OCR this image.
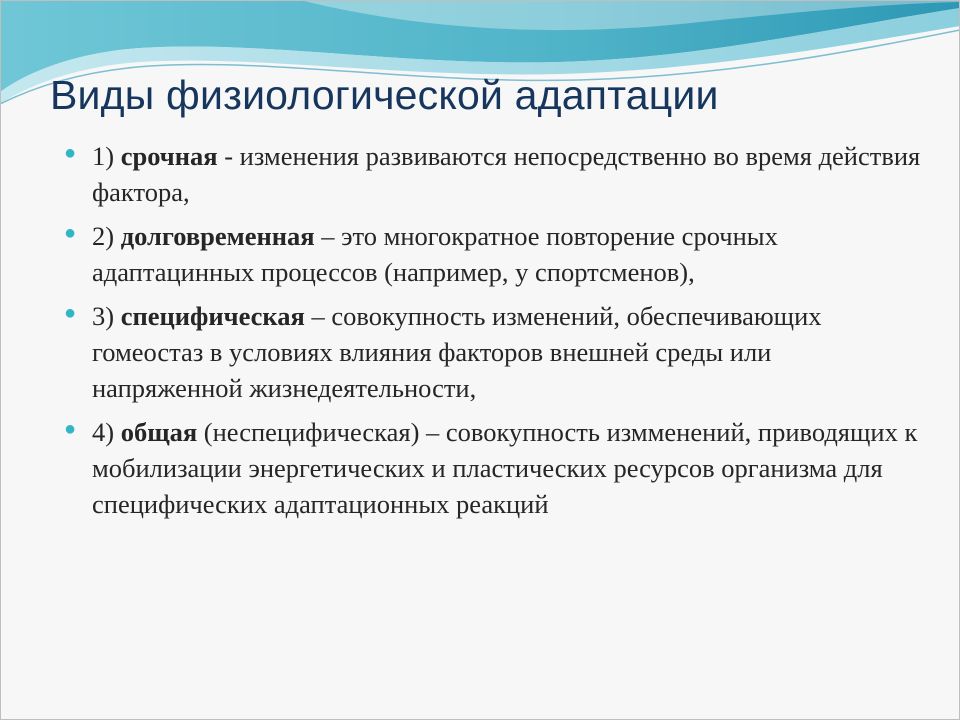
Виды физиологической адаптации
● 1) срочная - изменения развиваются непосредственно во время действия фактора,
● 2) долговременная – это многократное повторение срочных адаптацинных процессов (например, у спортсменов),
● 3) специфическая – совокупность изменений, обеспечивающих гомеостаз в условиях влияния факторов внешней среды или напряженной жизнедеятельности,
● 4) общая (неспецифическая) – совокупность измменений, приводящих к мобилизации энергетических и пластических ресурсов организма для специфических адаптационных реакций
